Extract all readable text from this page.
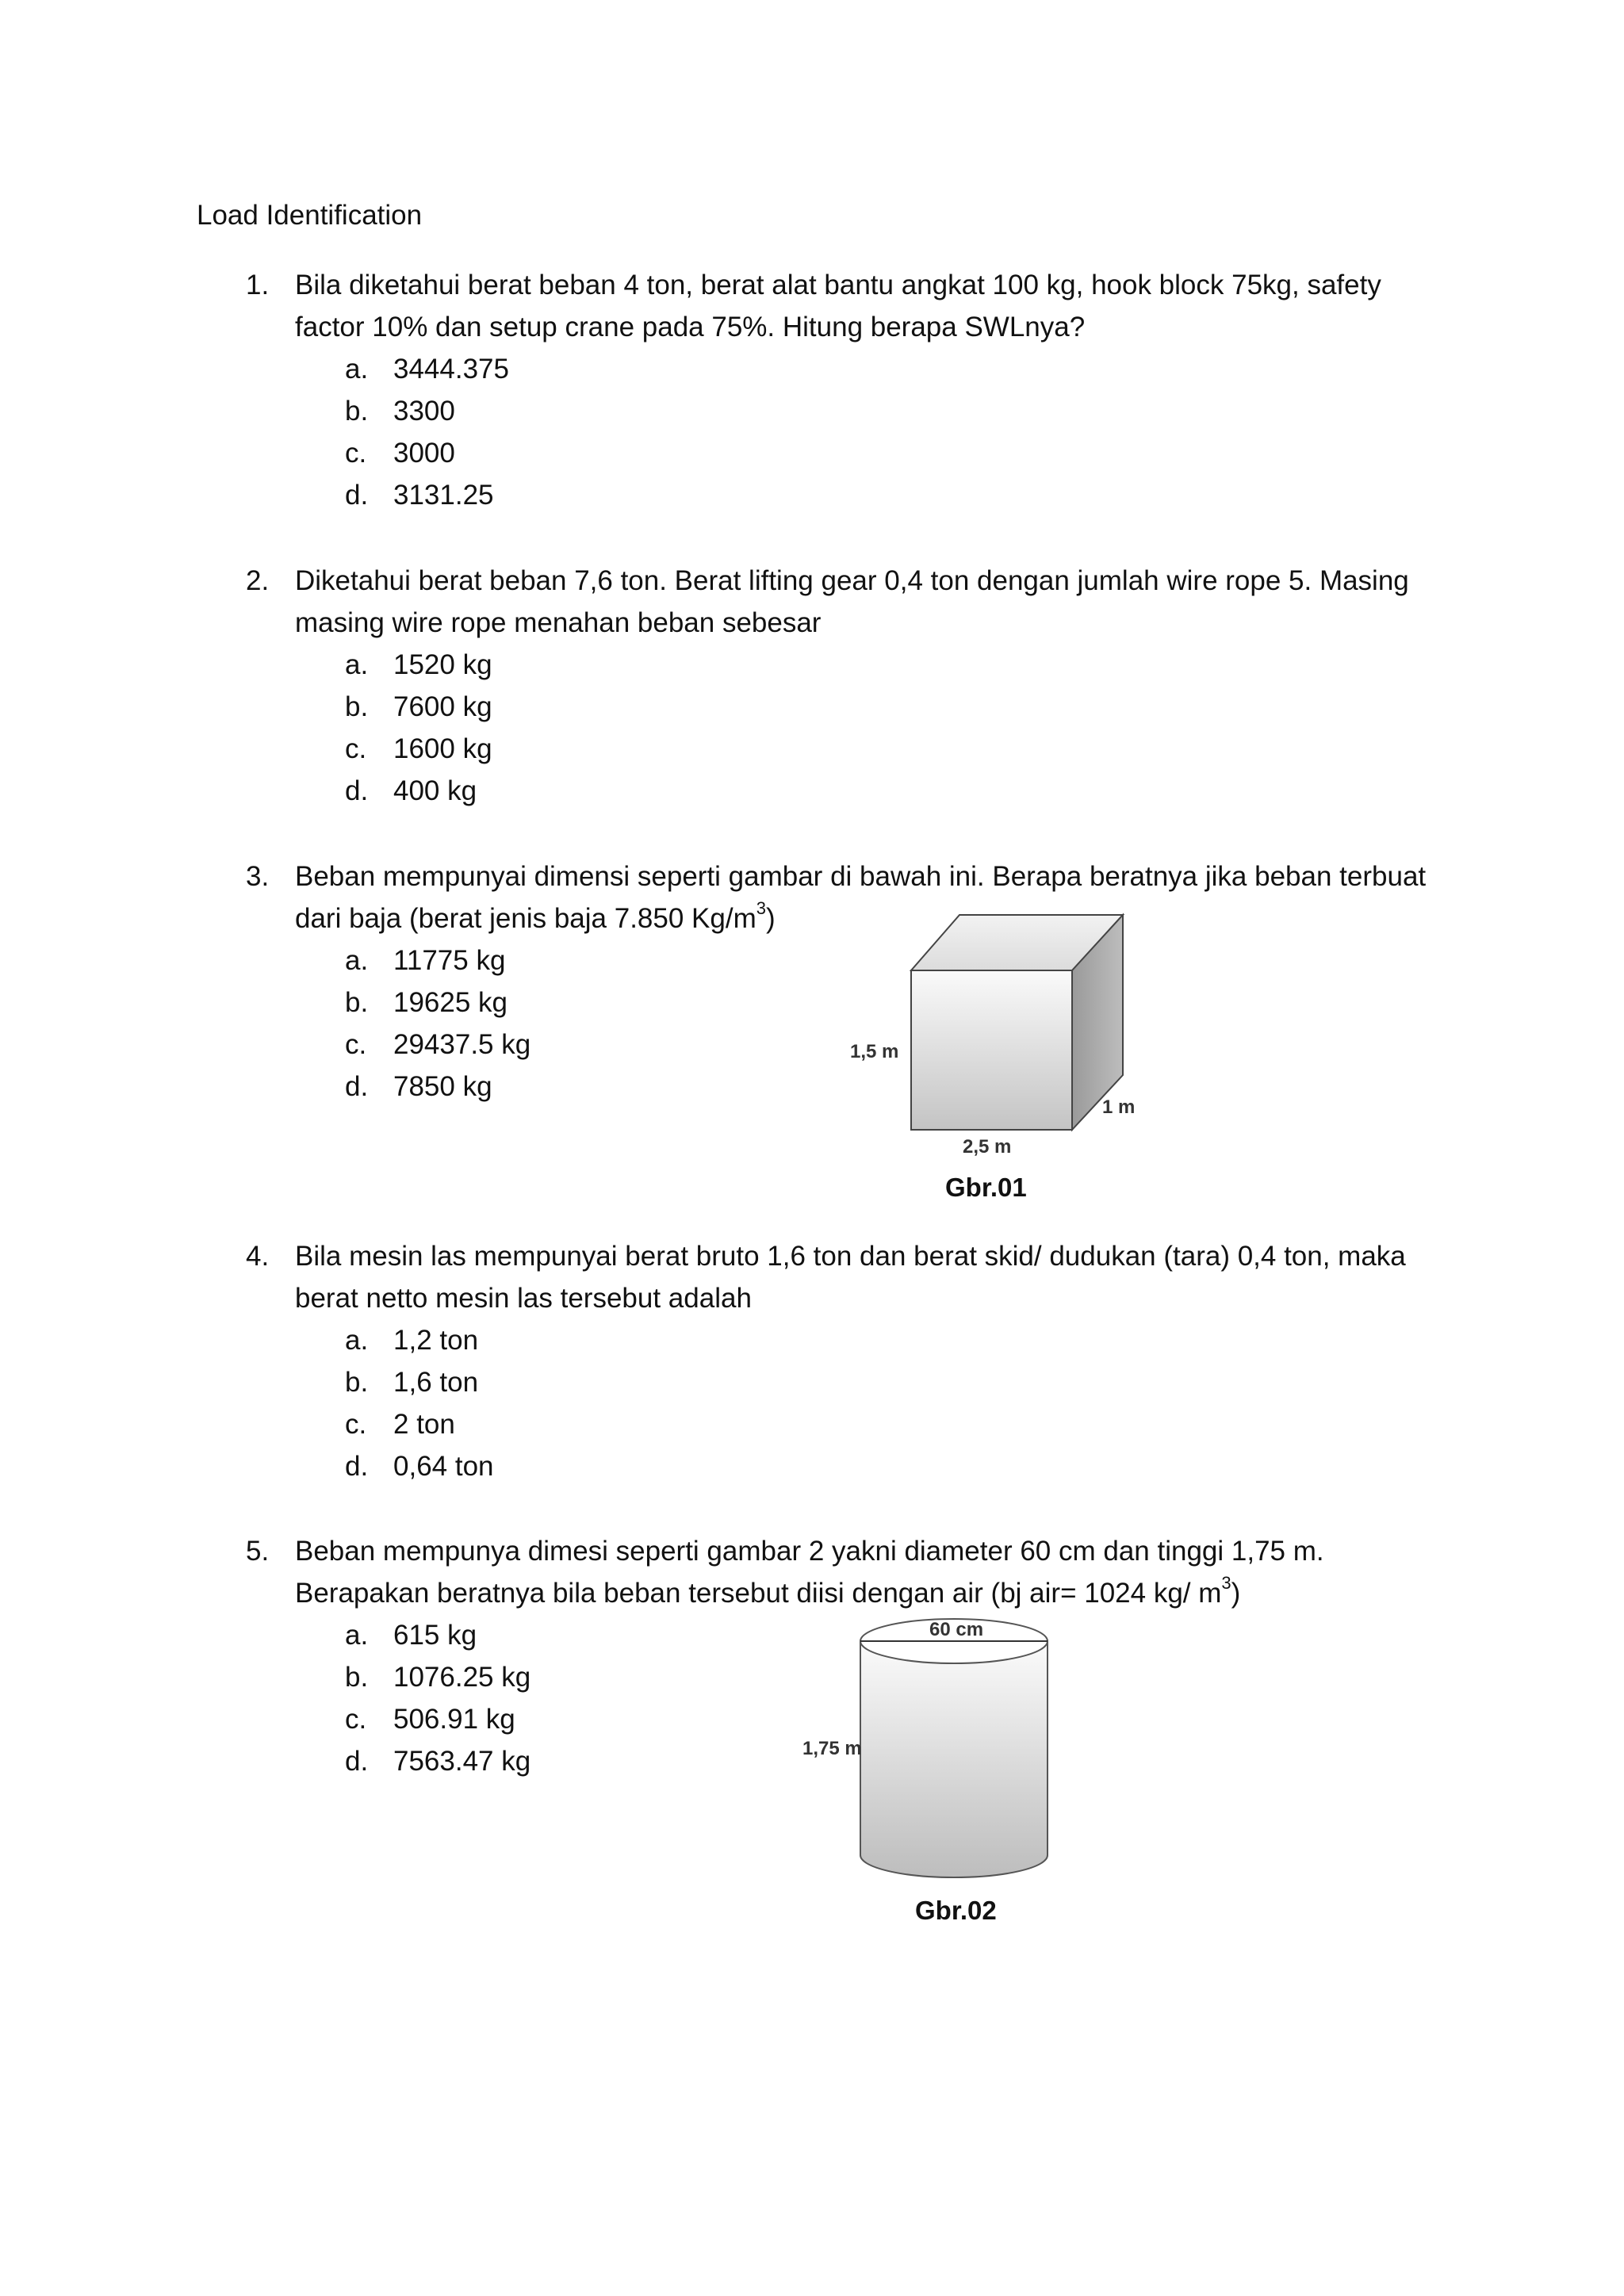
Load Identification
1. Bila diketahui berat beban 4 ton, berat alat bantu angkat 100 kg, hook block 75kg, safety
factor 10% dan setup crane pada 75%. Hitung berapa SWLnya?
a. 3444.375
b. 3300
c. 3000
d. 3131.25
2. Diketahui berat beban 7,6 ton. Berat lifting gear 0,4 ton dengan jumlah wire rope 5. Masing
masing wire rope menahan beban sebesar
a. 1520 kg
b. 7600 kg
c. 1600 kg
d. 400 kg
3. Beban mempunyai dimensi seperti gambar di bawah ini. Berapa beratnya jika beban terbuat
dari baja (berat jenis baja 7.850 $Kg/m^3$)
a. 11775 kg
b. 19625 kg
c. 29437.5 kg
d. 7850 kg
1,5 m
1 m
2,5 m
Gbr.01
4. Bila mesin las mempunyai berat bruto 1,6 ton dan berat skid/ dudukan (tara) 0,4 ton, maka
berat netto mesin las tersebut adalah
a. 1,2 ton
b. 1,6 ton
c. 2 ton
d. 0,64 ton
5. Beban mempunya dimesi seperti gambar 2 yakni diameter 60 cm dan tinggi 1,75 m.
Berapakan beratnya bila beban tersebut diisi dengan air (bj air= 1024 kg/ $m^3$)
a. 615 kg
b. 1076.25 kg
c. 506.91 kg
d. 7563.47 kg
60 cm
1,75 m
Gbr.02
